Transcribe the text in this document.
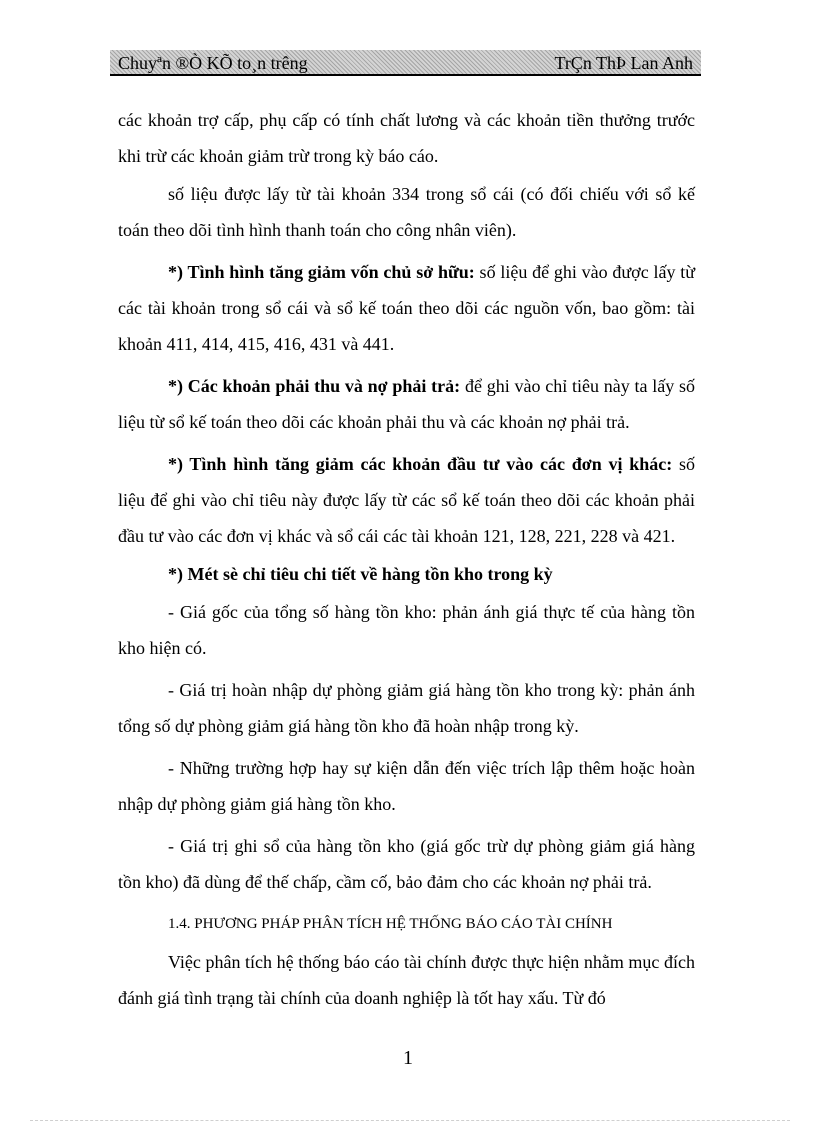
Chuyªn ®Ò KÕ to¸n trêng	TrÇn ThÞ Lan Anh

các khoản trợ cấp, phụ cấp có tính chất lương và các khoản tiền thưởng trước khi trừ các khoản giảm trừ trong kỳ báo cáo.

số liệu được lấy từ tài khoản 334 trong sổ cái (có đối chiếu với sổ kế toán theo dõi tình hình thanh toán cho công nhân viên).

*) Tình hình tăng giảm vốn chủ sở hữu: số liệu để ghi vào được lấy từ các tài khoản trong sổ cái và sổ kế toán theo dõi các nguồn vốn, bao gồm: tài khoản 411, 414, 415, 416, 431 và 441.

*) Các khoản phải thu và nợ phải trả: để ghi vào chỉ tiêu này ta lấy số liệu từ sổ kế toán theo dõi các khoản phải thu và các khoản nợ phải trả.

*) Tình hình tăng giảm các khoản đầu tư vào các đơn vị khác: số liệu để ghi vào chỉ tiêu này được lấy từ các sổ kế toán theo dõi các khoản phải đầu tư vào các đơn vị khác và sổ cái các tài khoản 121, 128, 221, 228 và 421.

*) Mét sè chỉ tiêu chi tiết về hàng tồn kho trong kỳ

- Giá gốc của tổng số hàng tồn kho: phản ánh giá thực tế của hàng tồn kho hiện có.

- Giá trị hoàn nhập dự phòng giảm giá hàng tồn kho trong kỳ: phản ánh tổng số dự phòng giảm giá hàng tồn kho đã hoàn nhập trong kỳ.

- Những trường hợp hay sự kiện dẫn đến việc trích lập thêm hoặc hoàn nhập dự phòng giảm giá hàng tồn kho.

- Giá trị ghi sổ của hàng tồn kho (giá gốc trừ dự phòng giảm giá hàng tồn kho) đã dùng để thế chấp, cầm cố, bảo đảm cho các khoản nợ phải trả.

1.4. PHƯƠNG PHÁP PHÂN TÍCH HỆ THỐNG BÁO CÁO TÀI CHÍNH

Việc phân tích hệ thống báo cáo tài chính được thực hiện nhằm mục đích đánh giá tình trạng tài chính của doanh nghiệp là tốt hay xấu. Từ đó

1
